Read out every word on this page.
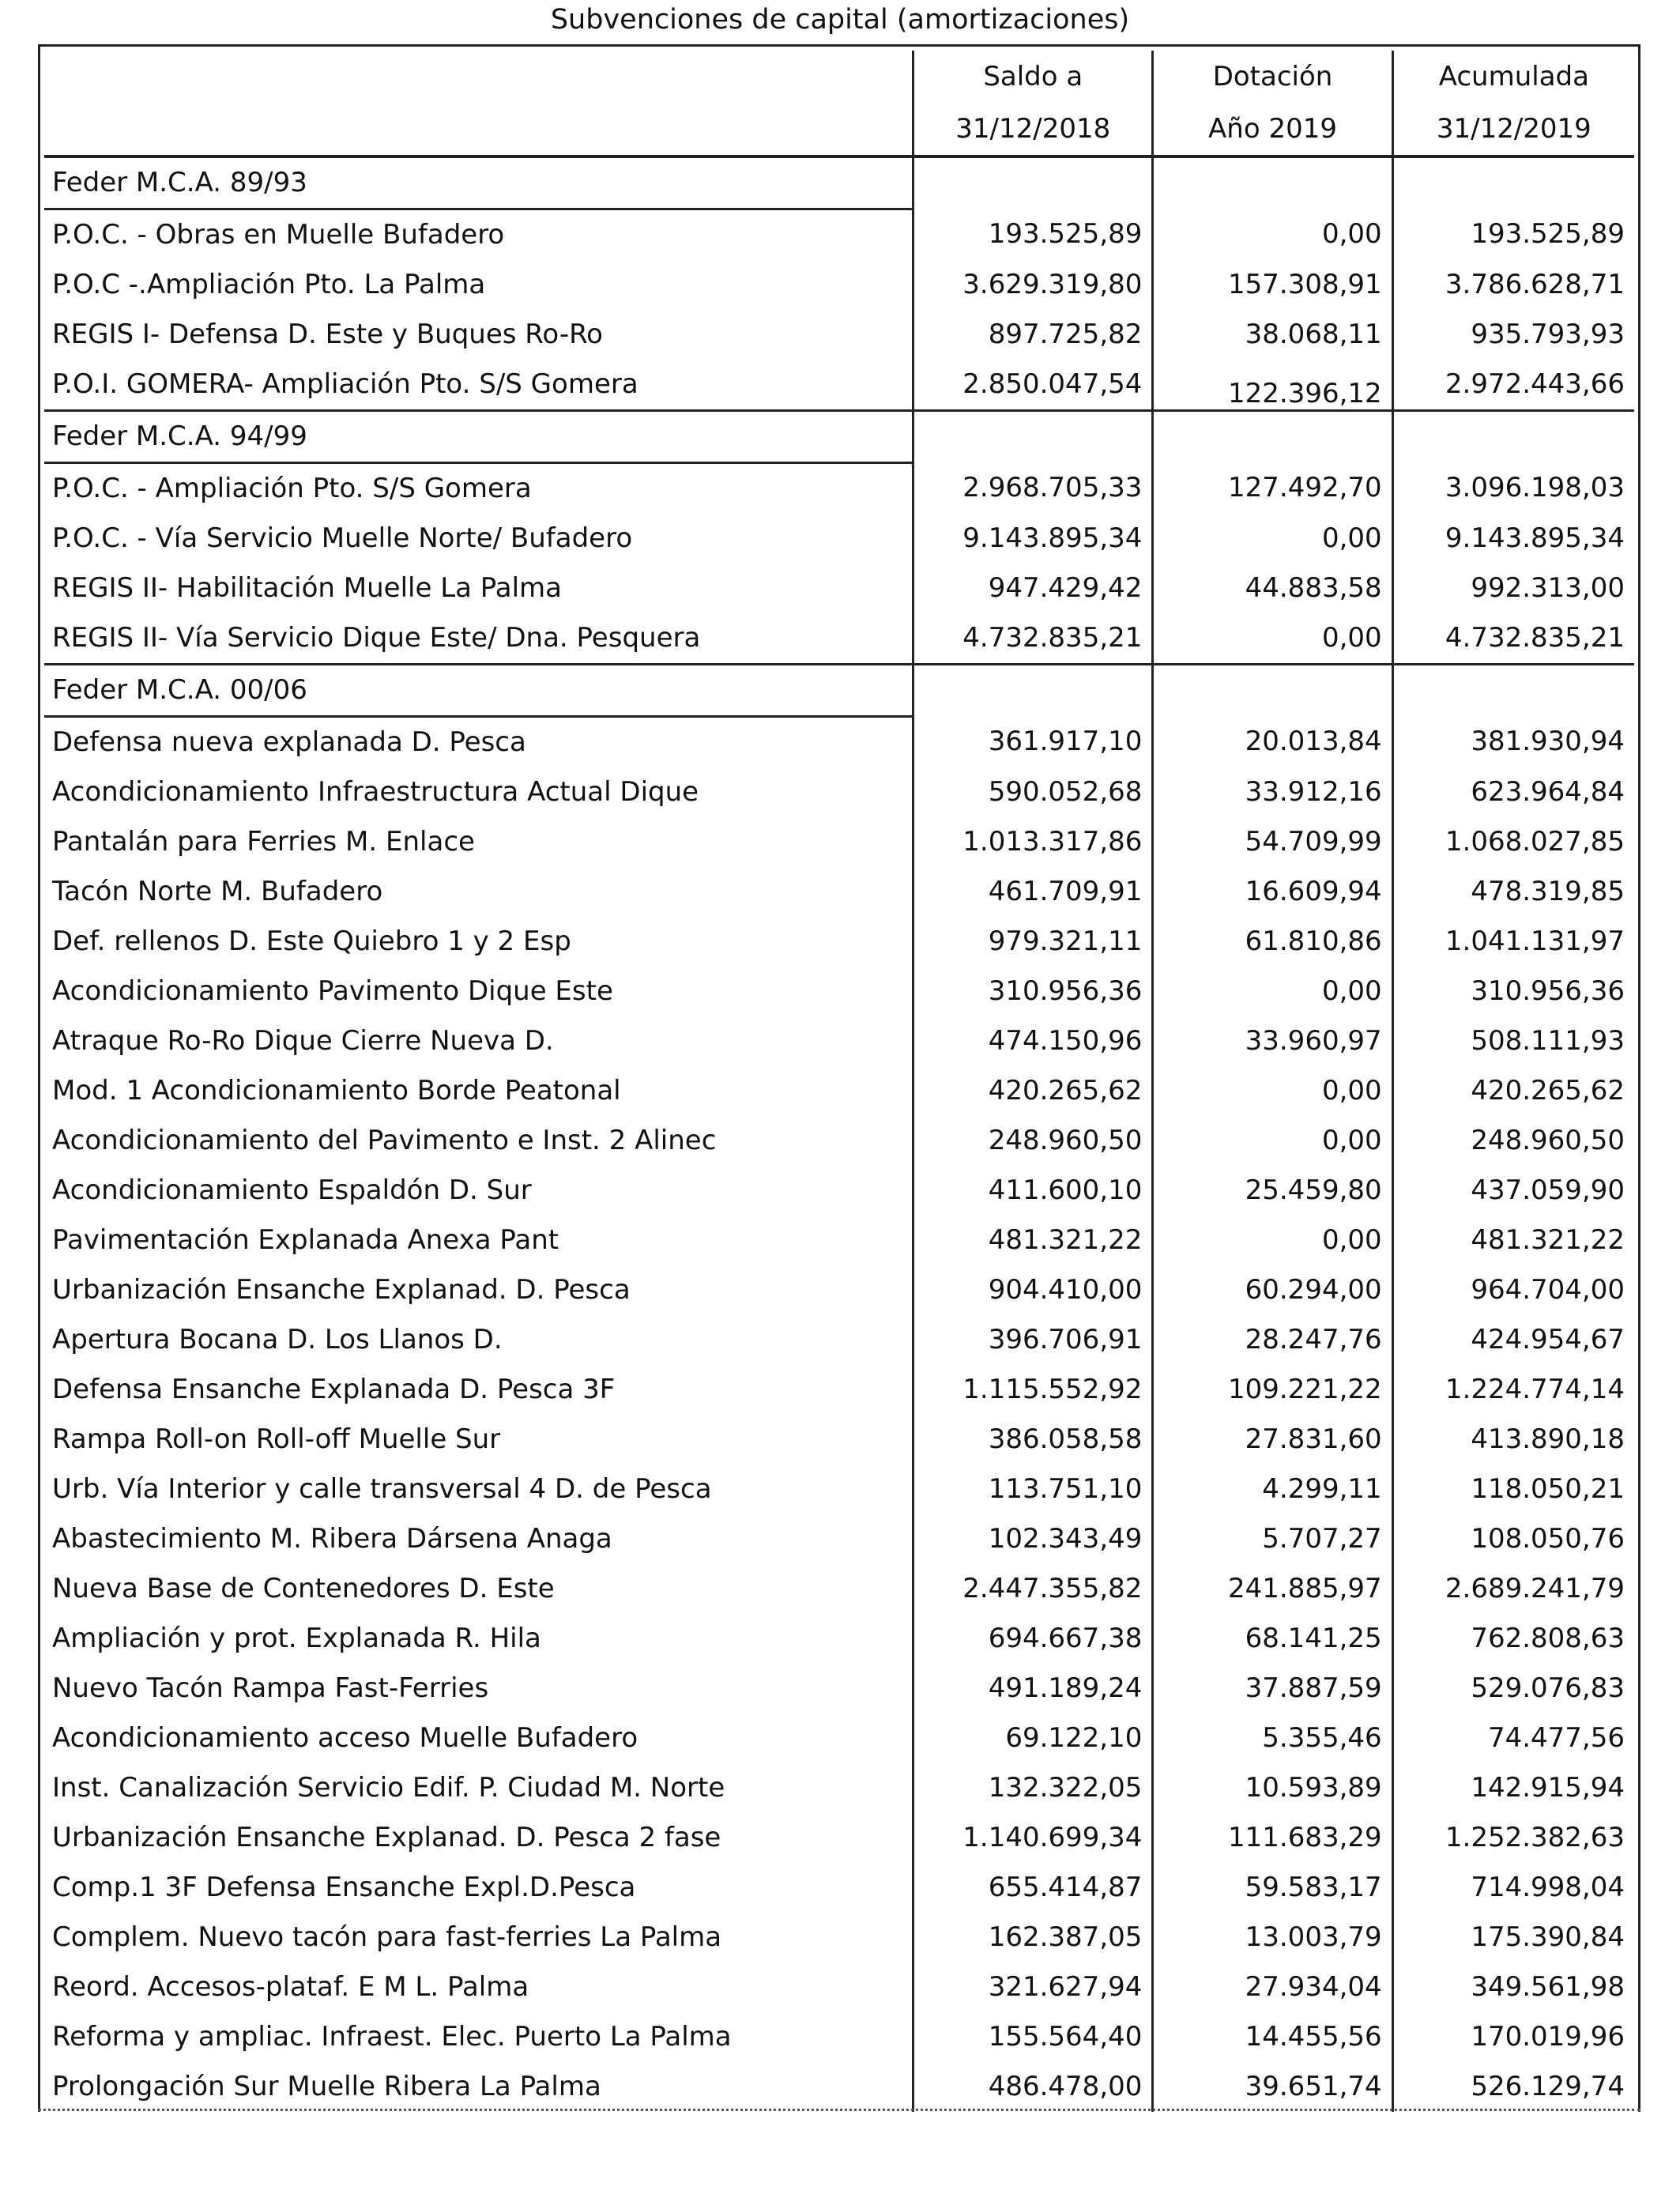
Subvenciones de capital (amortizaciones)
	Saldo a	Dotación	Acumulada
	31/12/2018	Año 2019	31/12/2019
Feder M.C.A. 89/93			
P.O.C. - Obras en Muelle Bufadero	193.525,89	0,00	193.525,89
P.O.C -.Ampliación Pto. La Palma	3.629.319,80	157.308,91	3.786.628,71
REGIS I- Defensa D. Este y Buques Ro-Ro	897.725,82	38.068,11	935.793,93
P.O.I. GOMERA- Ampliación Pto. S/S Gomera	2.850.047,54	122.396,12	2.972.443,66
Feder M.C.A. 94/99			
P.O.C. - Ampliación Pto. S/S Gomera	2.968.705,33	127.492,70	3.096.198,03
P.O.C. - Vía Servicio Muelle Norte/ Bufadero	9.143.895,34	0,00	9.143.895,34
REGIS II- Habilitación Muelle La Palma	947.429,42	44.883,58	992.313,00
REGIS II- Vía Servicio Dique Este/ Dna. Pesquera	4.732.835,21	0,00	4.732.835,21
Feder M.C.A. 00/06			
Defensa nueva explanada D. Pesca	361.917,10	20.013,84	381.930,94
Acondicionamiento Infraestructura Actual Dique	590.052,68	33.912,16	623.964,84
Pantalán para Ferries M. Enlace	1.013.317,86	54.709,99	1.068.027,85
Tacón Norte M. Bufadero	461.709,91	16.609,94	478.319,85
Def. rellenos D. Este Quiebro 1 y 2 Esp	979.321,11	61.810,86	1.041.131,97
Acondicionamiento Pavimento Dique Este	310.956,36	0,00	310.956,36
Atraque Ro-Ro Dique Cierre Nueva D.	474.150,96	33.960,97	508.111,93
Mod. 1 Acondicionamiento Borde Peatonal	420.265,62	0,00	420.265,62
Acondicionamiento del Pavimento e Inst. 2 Alinec	248.960,50	0,00	248.960,50
Acondicionamiento Espaldón D. Sur	411.600,10	25.459,80	437.059,90
Pavimentación Explanada Anexa Pant	481.321,22	0,00	481.321,22
Urbanización Ensanche Explanad. D. Pesca	904.410,00	60.294,00	964.704,00
Apertura Bocana D. Los Llanos D.	396.706,91	28.247,76	424.954,67
Defensa Ensanche Explanada D. Pesca 3F	1.115.552,92	109.221,22	1.224.774,14
Rampa Roll-on Roll-off Muelle Sur	386.058,58	27.831,60	413.890,18
Urb. Vía Interior y calle transversal 4 D. de Pesca	113.751,10	4.299,11	118.050,21
Abastecimiento M. Ribera Dársena Anaga	102.343,49	5.707,27	108.050,76
Nueva Base de Contenedores D. Este	2.447.355,82	241.885,97	2.689.241,79
Ampliación y prot. Explanada R. Hila	694.667,38	68.141,25	762.808,63
Nuevo Tacón Rampa Fast-Ferries	491.189,24	37.887,59	529.076,83
Acondicionamiento acceso Muelle Bufadero	69.122,10	5.355,46	74.477,56
Inst. Canalización Servicio Edif. P. Ciudad M. Norte	132.322,05	10.593,89	142.915,94
Urbanización Ensanche Explanad. D. Pesca 2 fase	1.140.699,34	111.683,29	1.252.382,63
Comp.1 3F Defensa Ensanche Expl.D.Pesca	655.414,87	59.583,17	714.998,04
Complem. Nuevo tacón para fast-ferries La Palma	162.387,05	13.003,79	175.390,84
Reord. Accesos-plataf. E M L. Palma	321.627,94	27.934,04	349.561,98
Reforma y ampliac. Infraest. Elec. Puerto La Palma	155.564,40	14.455,56	170.019,96
Prolongación Sur Muelle Ribera La Palma	486.478,00	39.651,74	526.129,74
